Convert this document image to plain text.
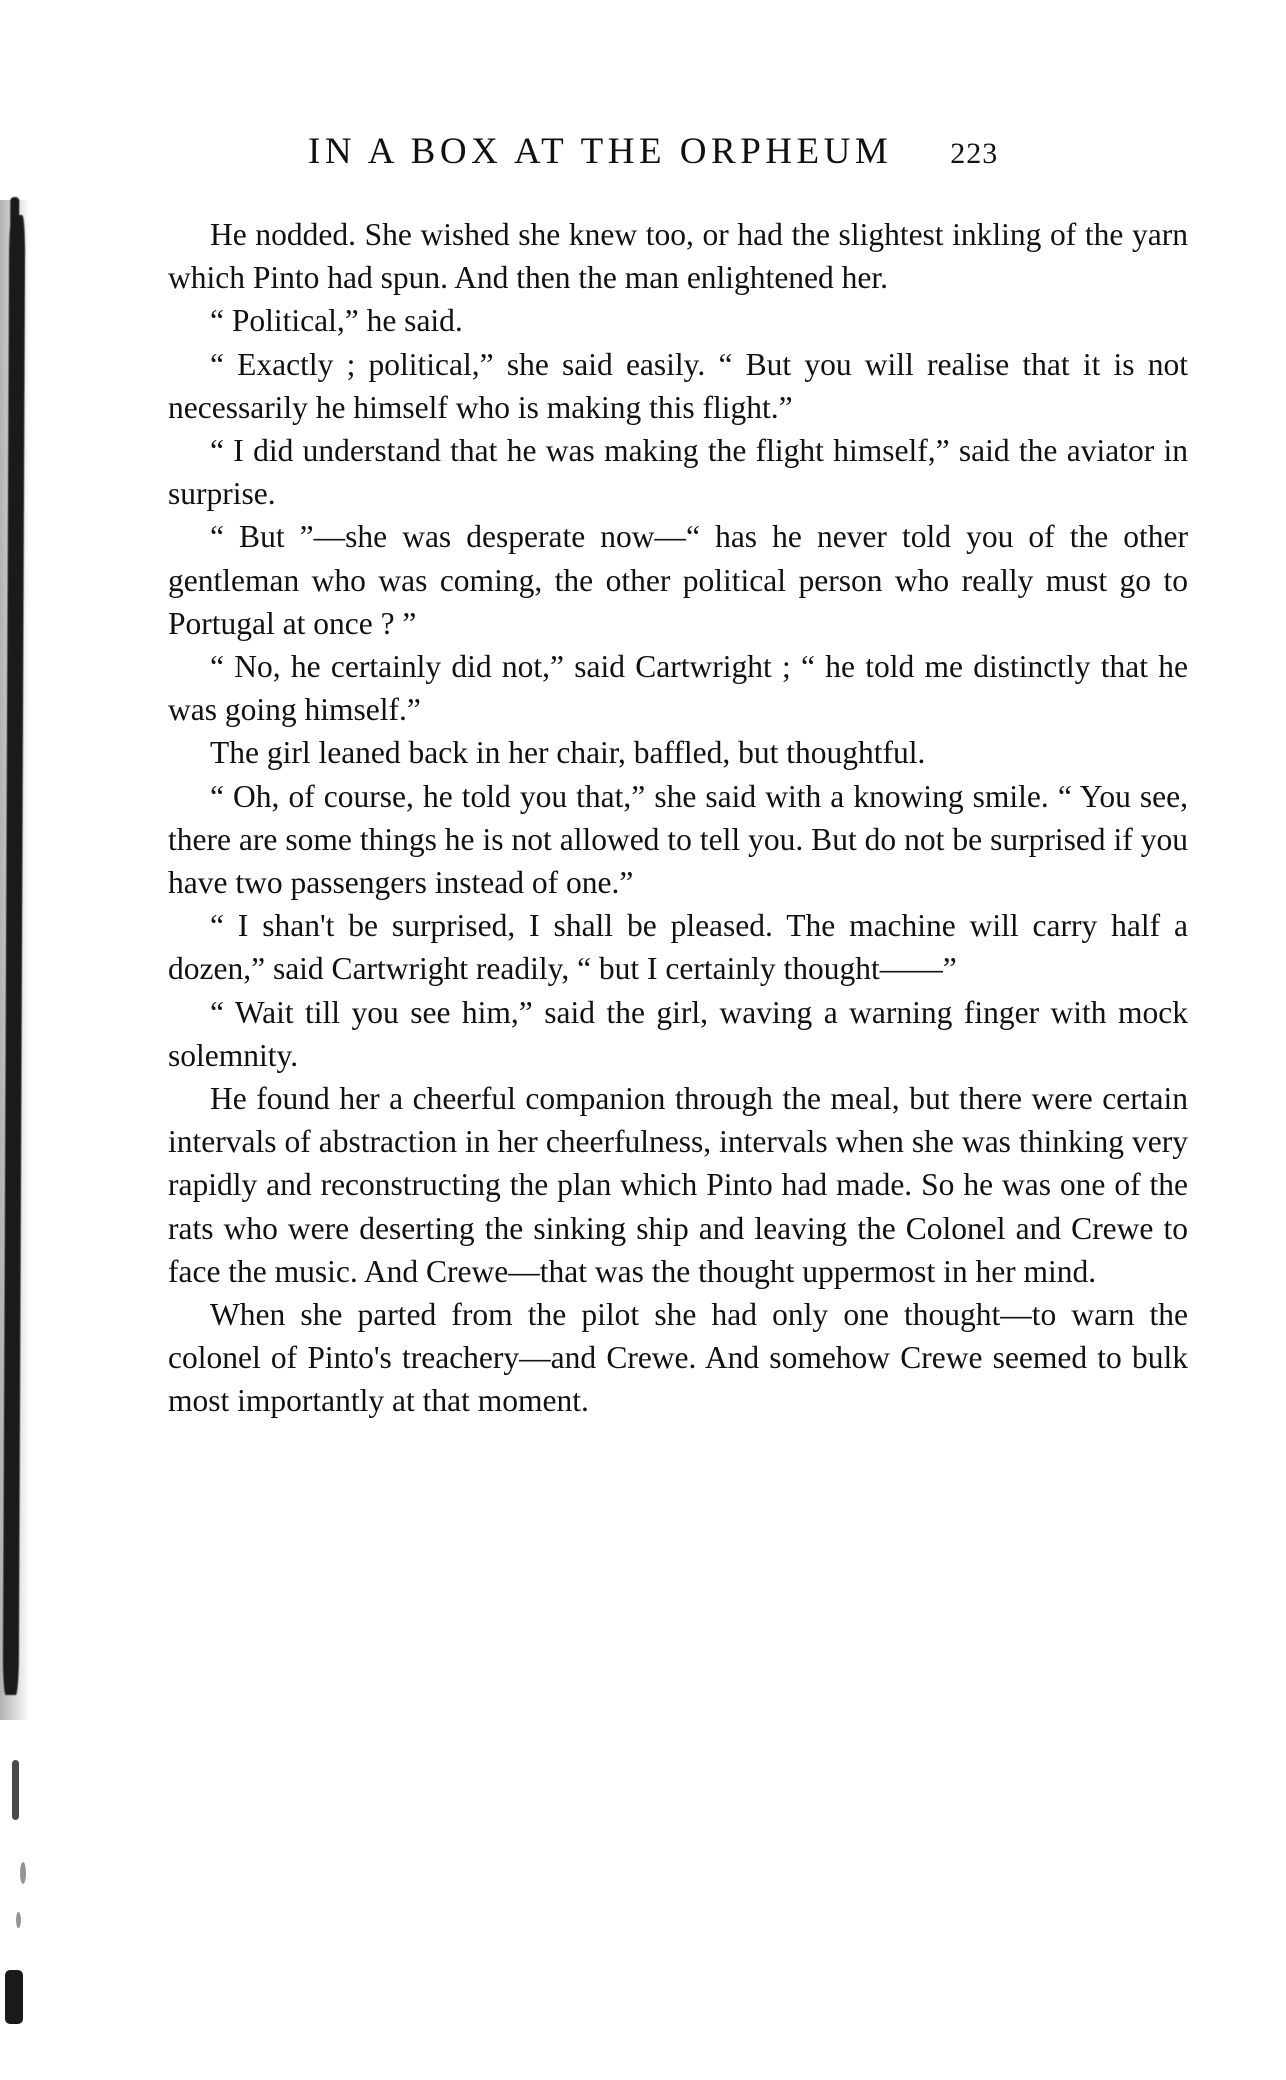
IN A BOX AT THE ORPHEUM 223

He nodded. She wished she knew too, or had the slightest inkling of the yarn which Pinto had spun. And then the man enlightened her.

“ Political,” he said.

“ Exactly ; political,” she said easily. “ But you will realise that it is not necessarily he himself who is making this flight.”

“ I did understand that he was making the flight himself,” said the aviator in surprise.

“ But ”—she was desperate now—“ has he never told you of the other gentleman who was coming, the other political person who really must go to Portugal at once ? ”

“ No, he certainly did not,” said Cartwright ; “ he told me distinctly that he was going himself.”

The girl leaned back in her chair, baffled, but thoughtful.

“ Oh, of course, he told you that,” she said with a knowing smile. “ You see, there are some things he is not allowed to tell you. But do not be surprised if you have two passengers instead of one.”

“ I shan't be surprised, I shall be pleased. The machine will carry half a dozen,” said Cartwright readily, “ but I certainly thought——”

“ Wait till you see him,” said the girl, waving a warning finger with mock solemnity.

He found her a cheerful companion through the meal, but there were certain intervals of abstraction in her cheerfulness, intervals when she was thinking very rapidly and reconstructing the plan which Pinto had made. So he was one of the rats who were deserting the sinking ship and leaving the Colonel and Crewe to face the music. And Crewe—that was the thought uppermost in her mind.

When she parted from the pilot she had only one thought—to warn the colonel of Pinto's treachery—and Crewe. And somehow Crewe seemed to bulk most importantly at that moment.
